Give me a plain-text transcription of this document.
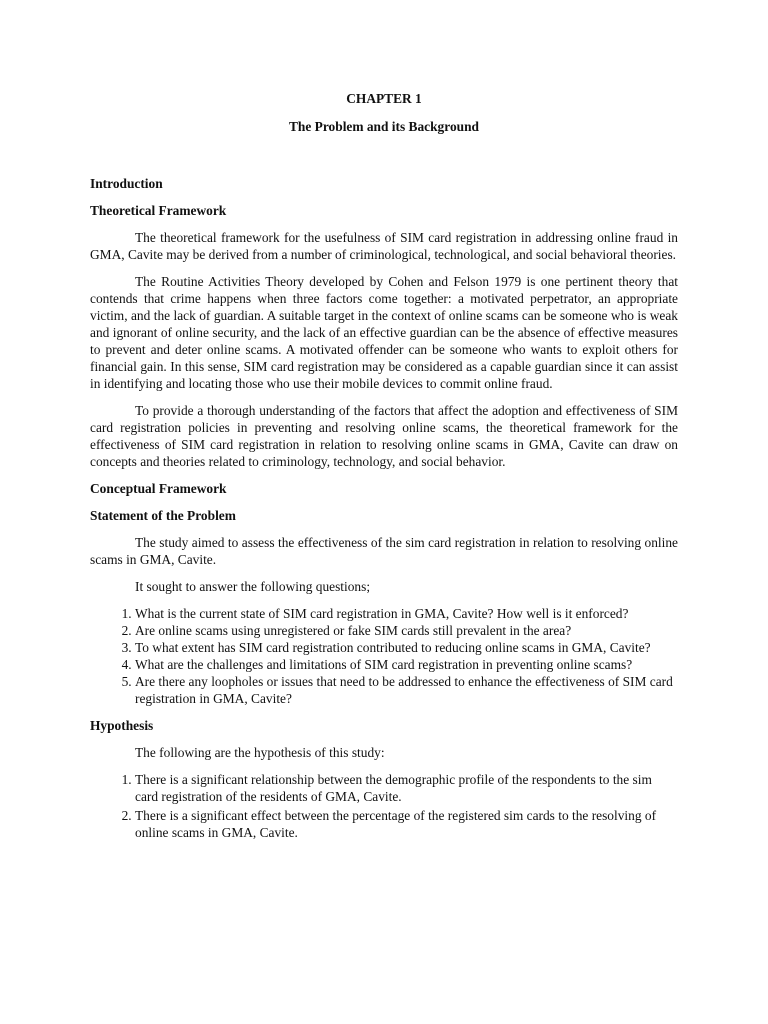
CHAPTER 1

The Problem and its Background

Introduction
Theoretical Framework

The theoretical framework for the usefulness of SIM card registration in addressing online fraud in GMA, Cavite may be derived from a number of criminological, technological, and social behavioral theories.

The Routine Activities Theory developed by Cohen and Felson 1979 is one pertinent theory that contends that crime happens when three factors come together: a motivated perpetrator, an appropriate victim, and the lack of guardian. A suitable target in the context of online scams can be someone who is weak and ignorant of online security, and the lack of an effective guardian can be the absence of effective measures to prevent and deter online scams. A motivated offender can be someone who wants to exploit others for financial gain. In this sense, SIM card registration may be considered as a capable guardian since it can assist in identifying and locating those who use their mobile devices to commit online fraud.

To provide a thorough understanding of the factors that affect the adoption and effectiveness of SIM card registration policies in preventing and resolving online scams, the theoretical framework for the effectiveness of SIM card registration in relation to resolving online scams in GMA, Cavite can draw on concepts and theories related to criminology, technology, and social behavior.

Conceptual Framework
Statement of the Problem

The study aimed to assess the effectiveness of the sim card registration in relation to resolving online scams in GMA, Cavite.

It sought to answer the following questions;

1. What is the current state of SIM card registration in GMA, Cavite? How well is it enforced?
2. Are online scams using unregistered or fake SIM cards still prevalent in the area?
3. To what extent has SIM card registration contributed to reducing online scams in GMA, Cavite?
4. What are the challenges and limitations of SIM card registration in preventing online scams?
5. Are there any loopholes or issues that need to be addressed to enhance the effectiveness of SIM card registration in GMA, Cavite?
Hypothesis

The following are the hypothesis of this study:

1. There is a significant relationship between the demographic profile of the respondents to the sim card registration of the residents of GMA, Cavite.
2. There is a significant effect between the percentage of the registered sim cards to the resolving of online scams in GMA, Cavite.
